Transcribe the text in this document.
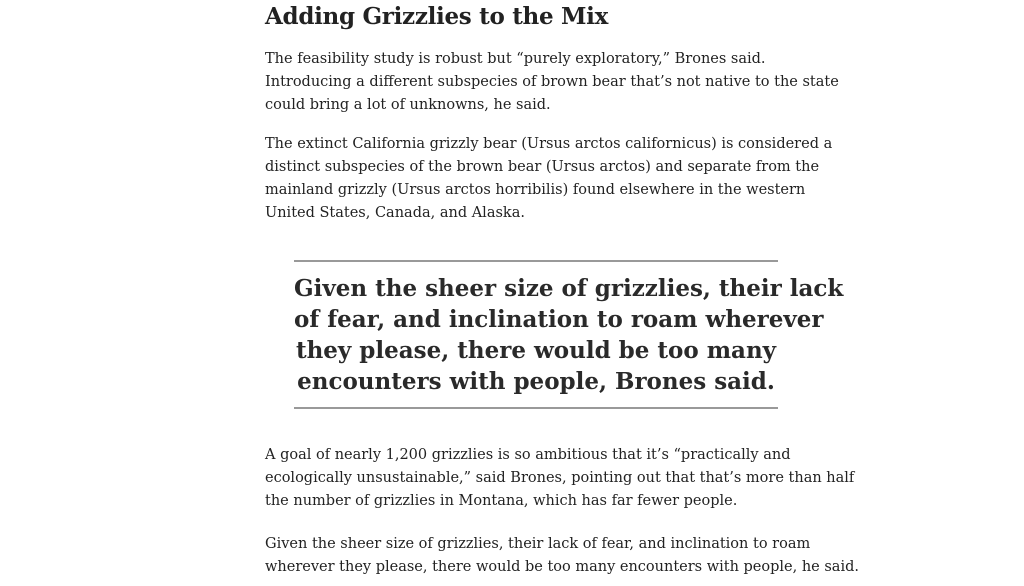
Adding Grizzlies to the Mix

The feasibility study is robust but “purely exploratory,” Brones said.
Introducing a different subspecies of brown bear that’s not native to the state
could bring a lot of unknowns, he said.

The extinct California grizzly bear (Ursus arctos californicus) is considered a
distinct subspecies of the brown bear (Ursus arctos) and separate from the
mainland grizzly (Ursus arctos horribilis) found elsewhere in the western
United States, Canada, and Alaska.

Given the sheer size of grizzlies, their lack
of fear, and inclination to roam wherever
they please, there would be too many
encounters with people, Brones said.

A goal of nearly 1,200 grizzlies is so ambitious that it’s “practically and
ecologically unsustainable,” said Brones, pointing out that that’s more than half
the number of grizzlies in Montana, which has far fewer people.

Given the sheer size of grizzlies, their lack of fear, and inclination to roam
wherever they please, there would be too many encounters with people, he said.
